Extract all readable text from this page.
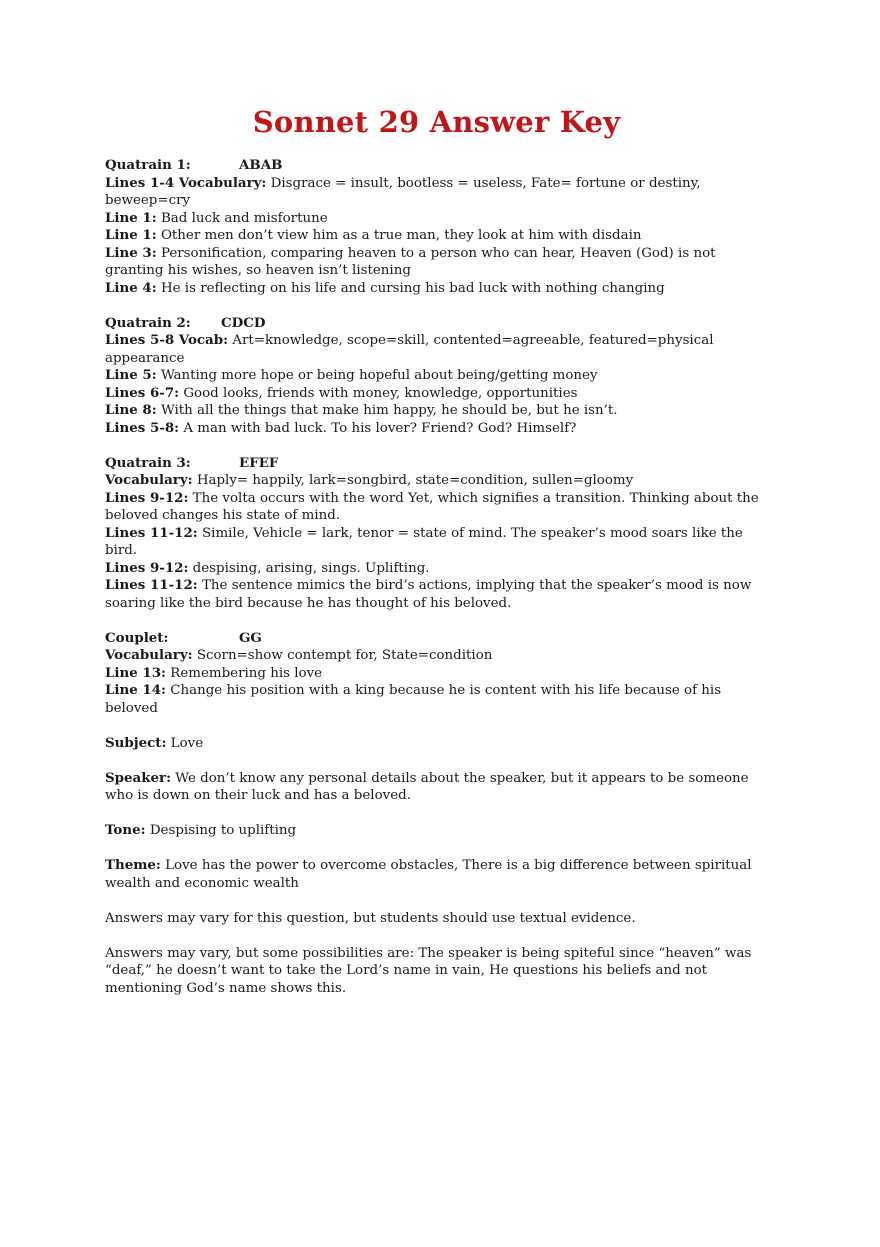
Sonnet 29 Answer Key

Quatrain 1:	ABAB

Lines 1-4 Vocabulary: Disgrace = insult, bootless = useless, Fate= fortune or destiny, beweep=cry

Line 1: Bad luck and misfortune

Line 1: Other men don’t view him as a true man, they look at him with disdain

Line 3: Personification, comparing heaven to a person who can hear, Heaven (God) is not granting his wishes, so heaven isn’t listening

Line 4: He is reflecting on his life and cursing his bad luck with nothing changing

Quatrain 2: CDCD

Lines 5-8 Vocab: Art=knowledge, scope=skill, contented=agreeable, featured=physical appearance

Line 5: Wanting more hope or being hopeful about being/getting money

Lines 6-7: Good looks, friends with money, knowledge, opportunities

Line 8: With all the things that make him happy, he should be, but he isn’t.

Lines 5-8: A man with bad luck. To his lover? Friend? God? Himself?

Quatrain 3:	EFEF

Vocabulary: Haply= happily, lark=songbird, state=condition, sullen=gloomy

Lines 9-12: The volta occurs with the word Yet, which signifies a transition. Thinking about the beloved changes his state of mind.

Lines 11-12: Simile, Vehicle = lark, tenor = state of mind. The speaker’s mood soars like the bird.

Lines 9-12: despising, arising, sings. Uplifting.

Lines 11-12: The sentence mimics the bird’s actions, implying that the speaker’s mood is now soaring like the bird because he has thought of his beloved.

Couplet:	GG

Vocabulary: Scorn=show contempt for, State=condition

Line 13: Remembering his love

Line 14: Change his position with a king because he is content with his life because of his beloved

Subject: Love

Speaker: We don’t know any personal details about the speaker, but it appears to be someone who is down on their luck and has a beloved.

Tone: Despising to uplifting

Theme: Love has the power to overcome obstacles, There is a big difference between spiritual wealth and economic wealth

Answers may vary for this question, but students should use textual evidence.

Answers may vary, but some possibilities are: The speaker is being spiteful since “heaven” was “deaf,” he doesn’t want to take the Lord’s name in vain, He questions his beliefs and not mentioning God’s name shows this.
